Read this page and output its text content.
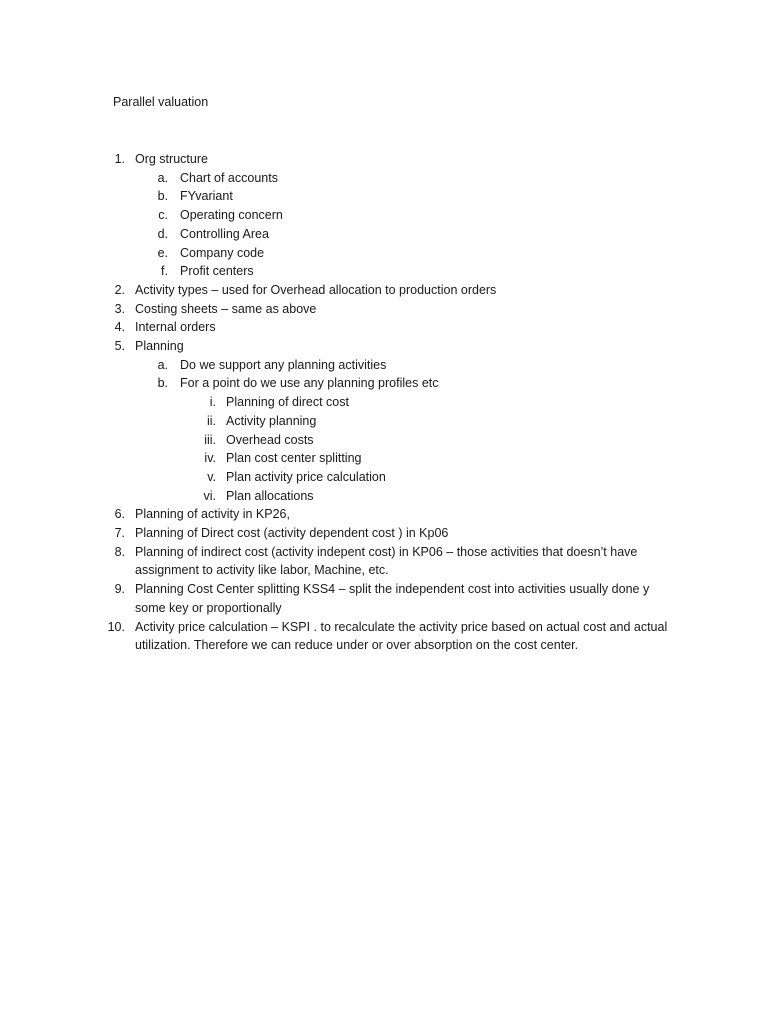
Parallel valuation
1. Org structure
a. Chart of accounts
b. FYvariant
c. Operating concern
d. Controlling Area
e. Company code
f. Profit centers
2. Activity types – used for Overhead allocation to production orders
3. Costing sheets – same as above
4. Internal orders
5. Planning
a. Do we support any planning activities
b. For a point do we use any planning profiles etc
i. Planning of direct cost
ii. Activity planning
iii. Overhead costs
iv. Plan cost center splitting
v. Plan activity price calculation
vi. Plan allocations
6. Planning of activity in KP26,
7. Planning of Direct cost (activity dependent cost ) in Kp06
8. Planning of indirect cost (activity indepent cost) in KP06 – those activities that doesn’t have assignment to activity like labor, Machine, etc.
9. Planning Cost Center splitting KSS4 – split the independent cost into activities usually done y some key or proportionally
10. Activity price calculation – KSPI . to recalculate the activity price based on actual cost and actual utilization. Therefore we can reduce under or over absorption on the cost center.
